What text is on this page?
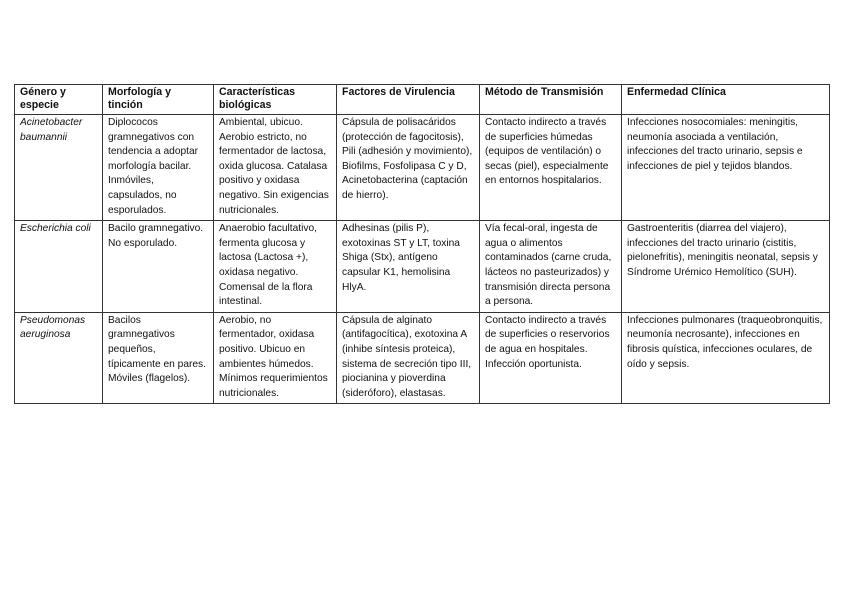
Género y especie	Morfología y tinción	Características biológicas	Factores de Virulencia	Método de Transmisión	Enfermedad Clínica
Acinetobacter baumannii	Diplococos gramnegativos con tendencia a adoptar morfología bacilar. Inmóviles, capsulados, no esporulados.	Ambiental, ubicuo. Aerobio estricto, no fermentador de lactosa, oxida glucosa. Catalasa positivo y oxidasa negativo. Sin exigencias nutricionales.	Cápsula de polisacáridos (protección de fagocitosis), Pili (adhesión y movimiento), Biofilms, Fosfolipasa C y D, Acinetobacterina (captación de hierro).	Contacto indirecto a través de superficies húmedas (equipos de ventilación) o secas (piel), especialmente en entornos hospitalarios.	Infecciones nosocomiales: meningitis, neumonía asociada a ventilación, infecciones del tracto urinario, sepsis e infecciones de piel y tejidos blandos.
Escherichia coli	Bacilo gramnegativo. No esporulado.	Anaerobio facultativo, fermenta glucosa y lactosa (Lactosa +), oxidasa negativo. Comensal de la flora intestinal.	Adhesinas (pilis P), exotoxinas ST y LT, toxina Shiga (Stx), antígeno capsular K1, hemolisina HlyA.	Vía fecal-oral, ingesta de agua o alimentos contaminados (carne cruda, lácteos no pasteurizados) y transmisión directa persona a persona.	Gastroenteritis (diarrea del viajero), infecciones del tracto urinario (cistitis, pielonefritis), meningitis neonatal, sepsis y Síndrome Urémico Hemolítico (SUH).
Pseudomonas aeruginosa	Bacilos gramnegativos pequeños, típicamente en pares. Móviles (flagelos).	Aerobio, no fermentador, oxidasa positivo. Ubicuo en ambientes húmedos. Mínimos requerimientos nutricionales.	Cápsula de alginato (antifagocítica), exotoxina A (inhibe síntesis proteica), sistema de secreción tipo III, piocianina y pioverdina (sideróforo), elastasas.	Contacto indirecto a través de superficies o reservorios de agua en hospitales. Infección oportunista.	Infecciones pulmonares (traqueobronquitis, neumonía necrosante), infecciones en fibrosis quística, infecciones oculares, de oído y sepsis.
